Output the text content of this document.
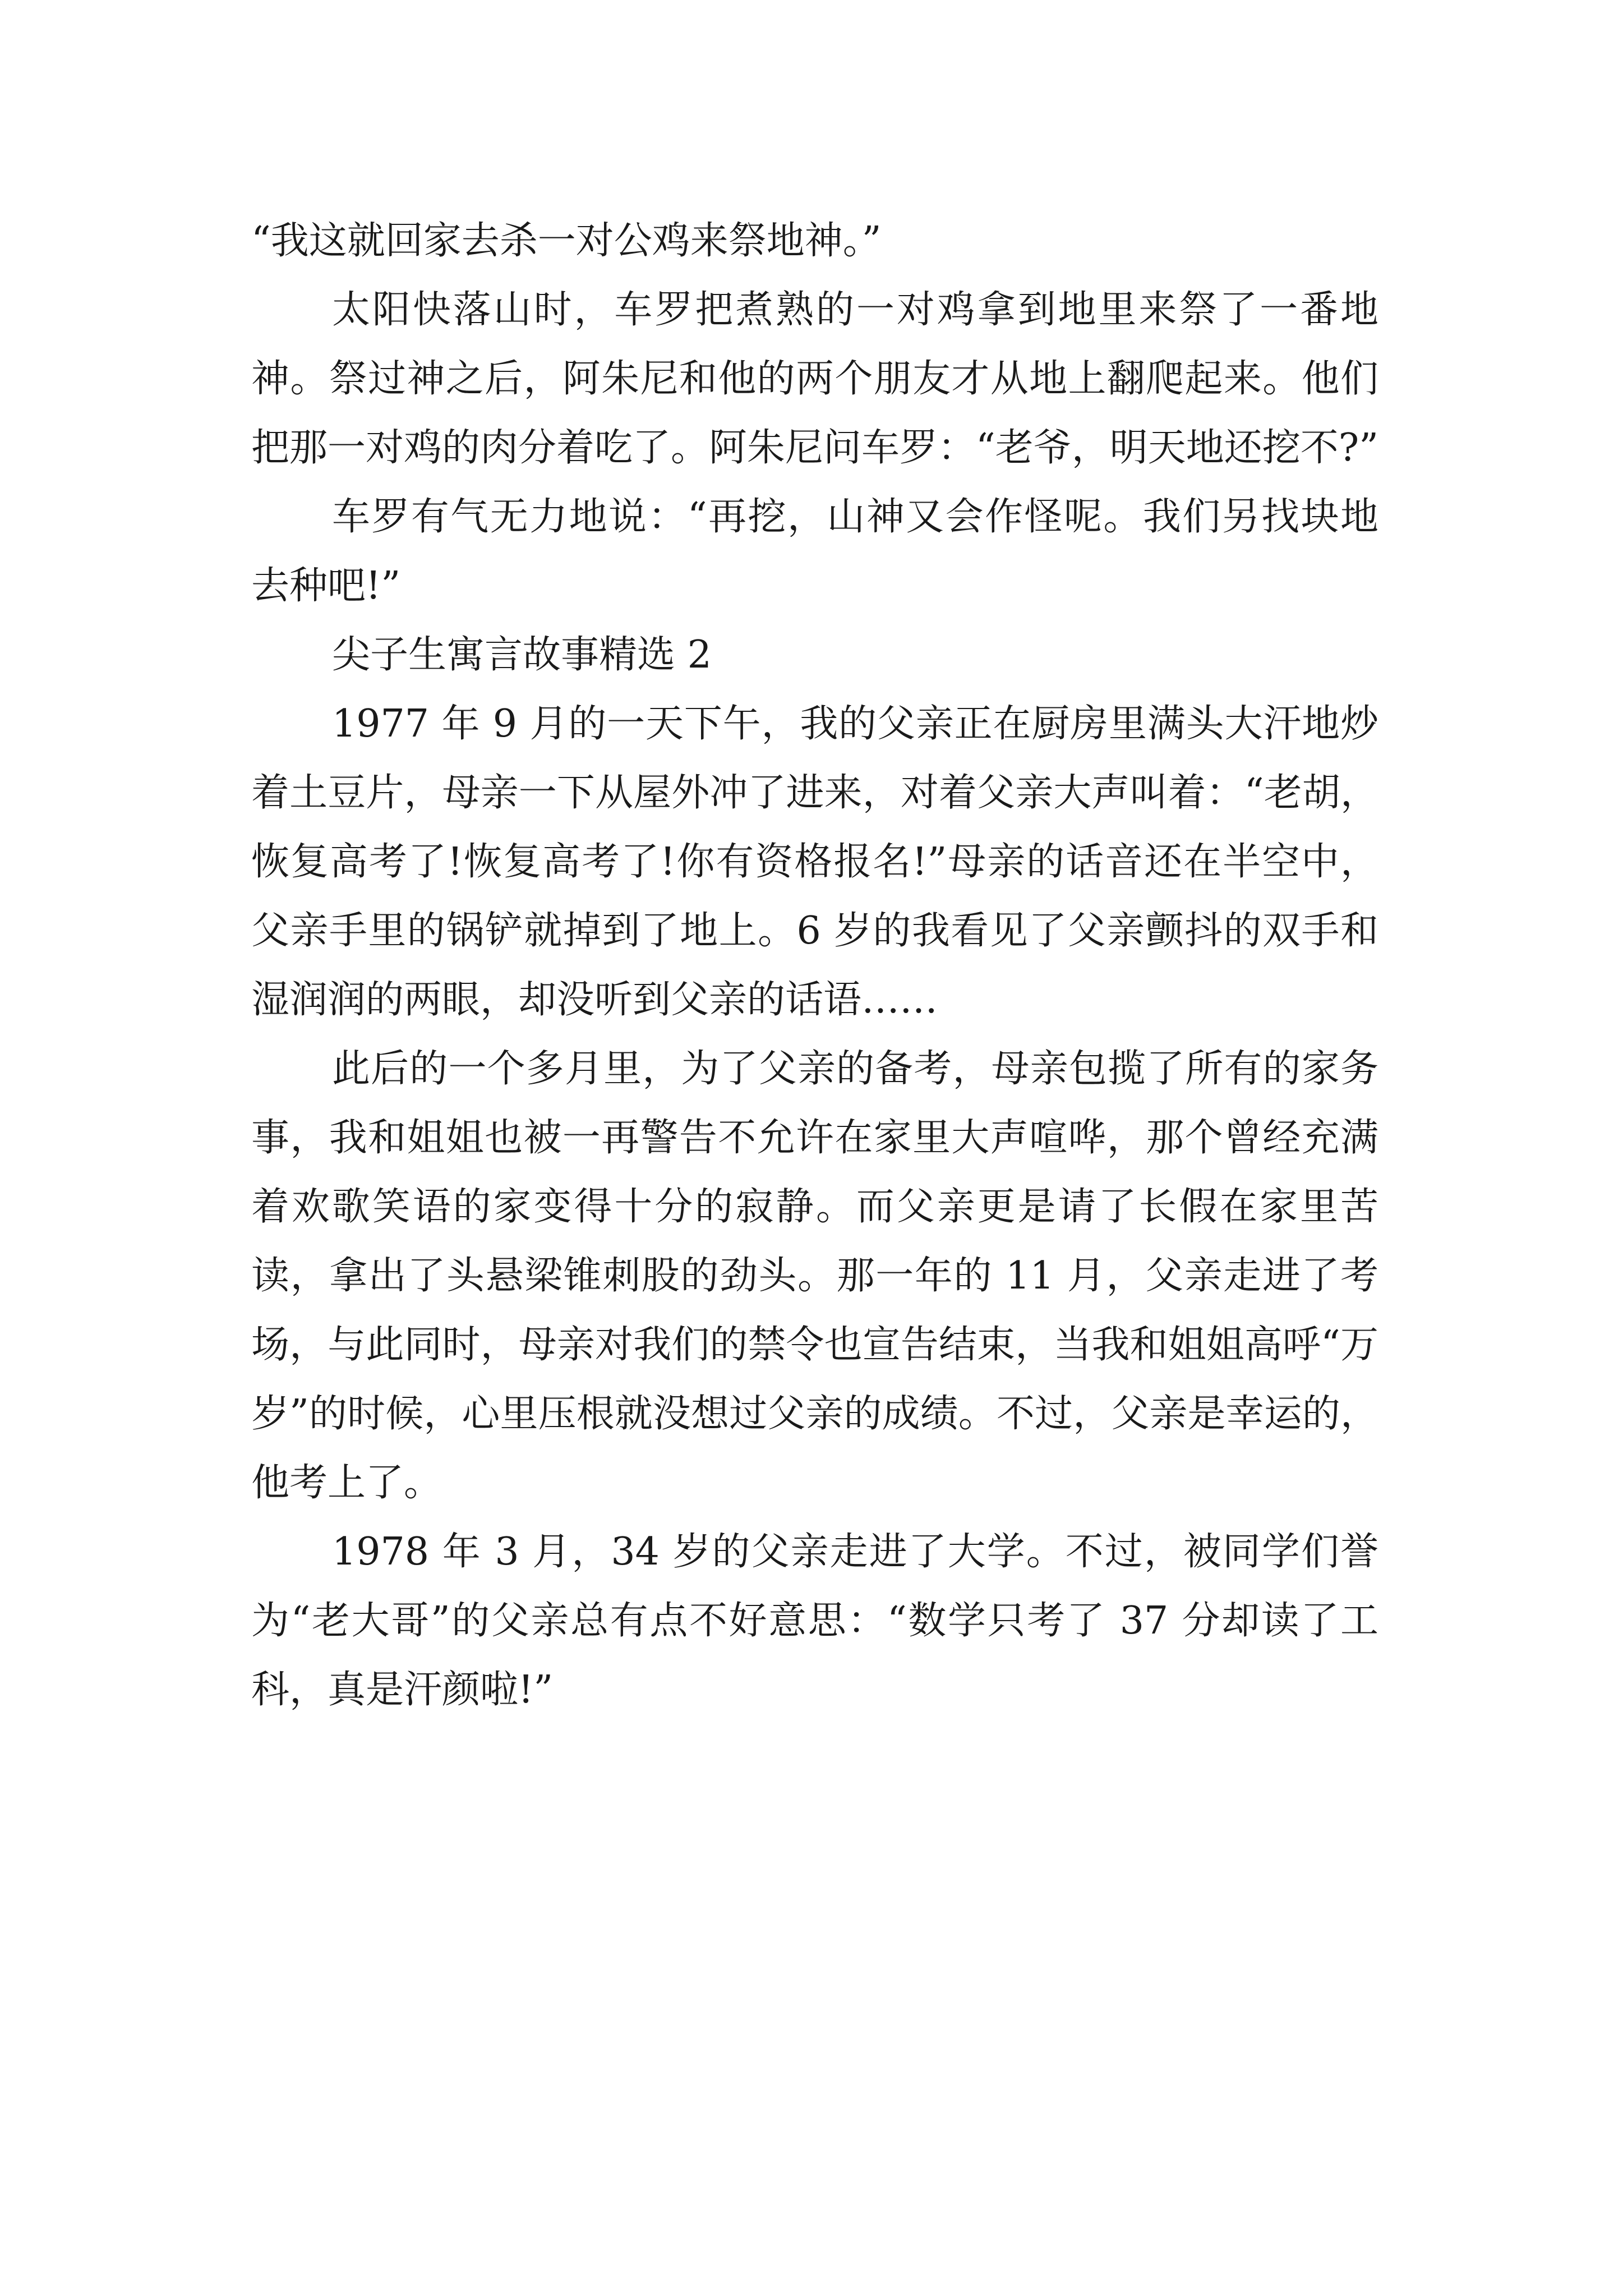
“我这就回家去杀一对公鸡来祭地神。”

太阳快落山时，车罗把煮熟的一对鸡拿到地里来祭了一番地神。祭过神之后，阿朱尼和他的两个朋友才从地上翻爬起来。他们把那一对鸡的肉分着吃了。阿朱尼问车罗：“老爷，明天地还挖不?”

车罗有气无力地说：“再挖，山神又会作怪呢。我们另找块地去种吧!”

尖子生寓言故事精选 2

1977 年 9 月的一天下午，我的父亲正在厨房里满头大汗地炒着土豆片，母亲一下从屋外冲了进来，对着父亲大声叫着：“老胡，恢复高考了!恢复高考了!你有资格报名!”母亲的话音还在半空中，父亲手里的锅铲就掉到了地上。6 岁的我看见了父亲颤抖的双手和湿润润的两眼，却没听到父亲的话语……

此后的一个多月里，为了父亲的备考，母亲包揽了所有的家务事，我和姐姐也被一再警告不允许在家里大声喧哗，那个曾经充满着欢歌笑语的家变得十分的寂静。而父亲更是请了长假在家里苦读，拿出了头悬梁锥刺股的劲头。那一年的 11 月，父亲走进了考场，与此同时，母亲对我们的禁令也宣告结束，当我和姐姐高呼“万岁”的时候，心里压根就没想过父亲的成绩。不过，父亲是幸运的，他考上了。

1978 年 3 月，34 岁的父亲走进了大学。不过，被同学们誉为“老大哥”的父亲总有点不好意思：“数学只考了 37 分却读了工科，真是汗颜啦!”
